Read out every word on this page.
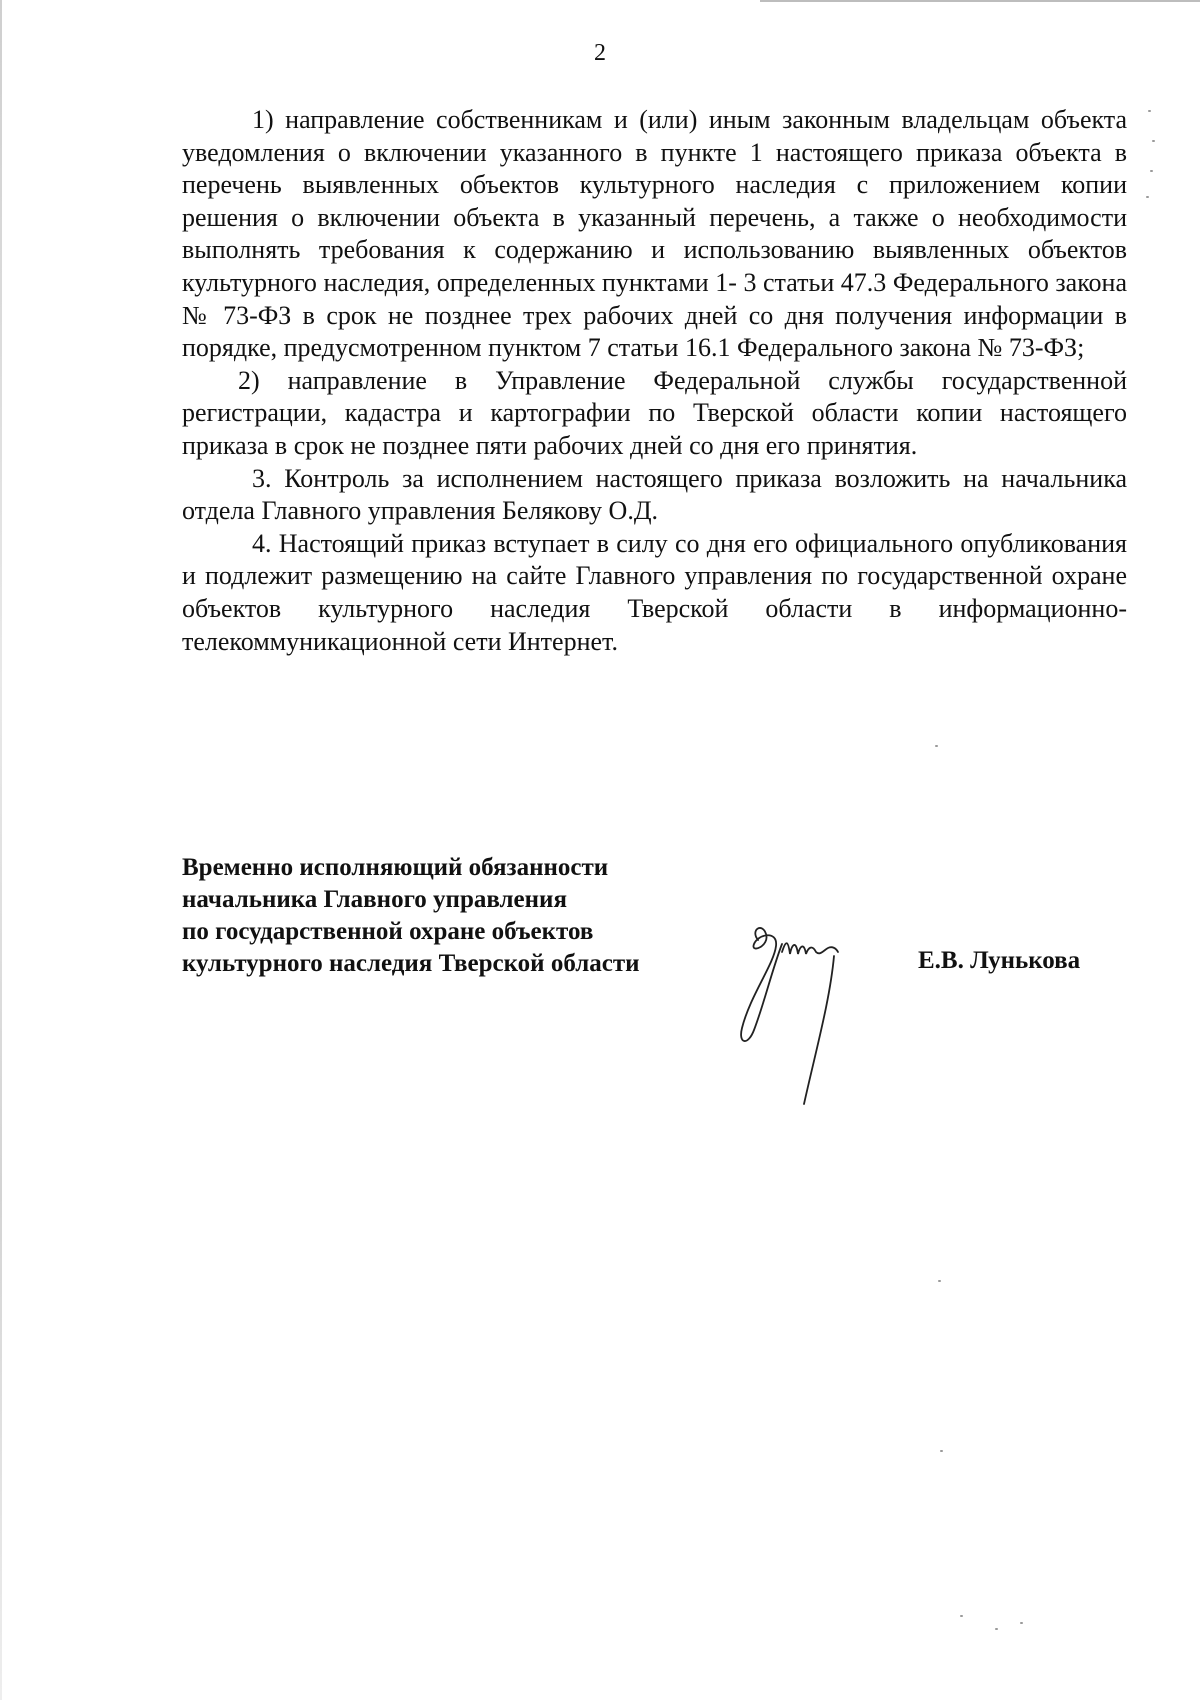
2

1) направление собственникам и (или) иным законным владельцам объекта уведомления о включении указанного в пункте 1 настоящего приказа объекта в перечень выявленных объектов культурного наследия с приложением копии решения о включении объекта в указанный перечень, а также о необходимости выполнять требования к содержанию и использованию выявленных объектов культурного наследия, определенных пунктами 1- 3 статьи 47.3 Федерального закона № 73-ФЗ в срок не позднее трех рабочих дней со дня получения информации в порядке, предусмотренном пунктом 7 статьи 16.1 Федерального закона № 73-ФЗ;

2) направление в Управление Федеральной службы государственной регистрации, кадастра и картографии по Тверской области копии настоящего приказа в срок не позднее пяти рабочих дней со дня его принятия.

3. Контроль за исполнением настоящего приказа возложить на начальника отдела Главного управления Белякову О.Д.

4. Настоящий приказ вступает в силу со дня его официального опубликования и подлежит размещению на сайте Главного управления по государственной охране объектов культурного наследия Тверской области в информационно-телекоммуникационной сети Интернет.

Временно исполняющий обязанности
начальника Главного управления
по государственной охране объектов
культурного наследия Тверской области	Е.В. Лунькова
